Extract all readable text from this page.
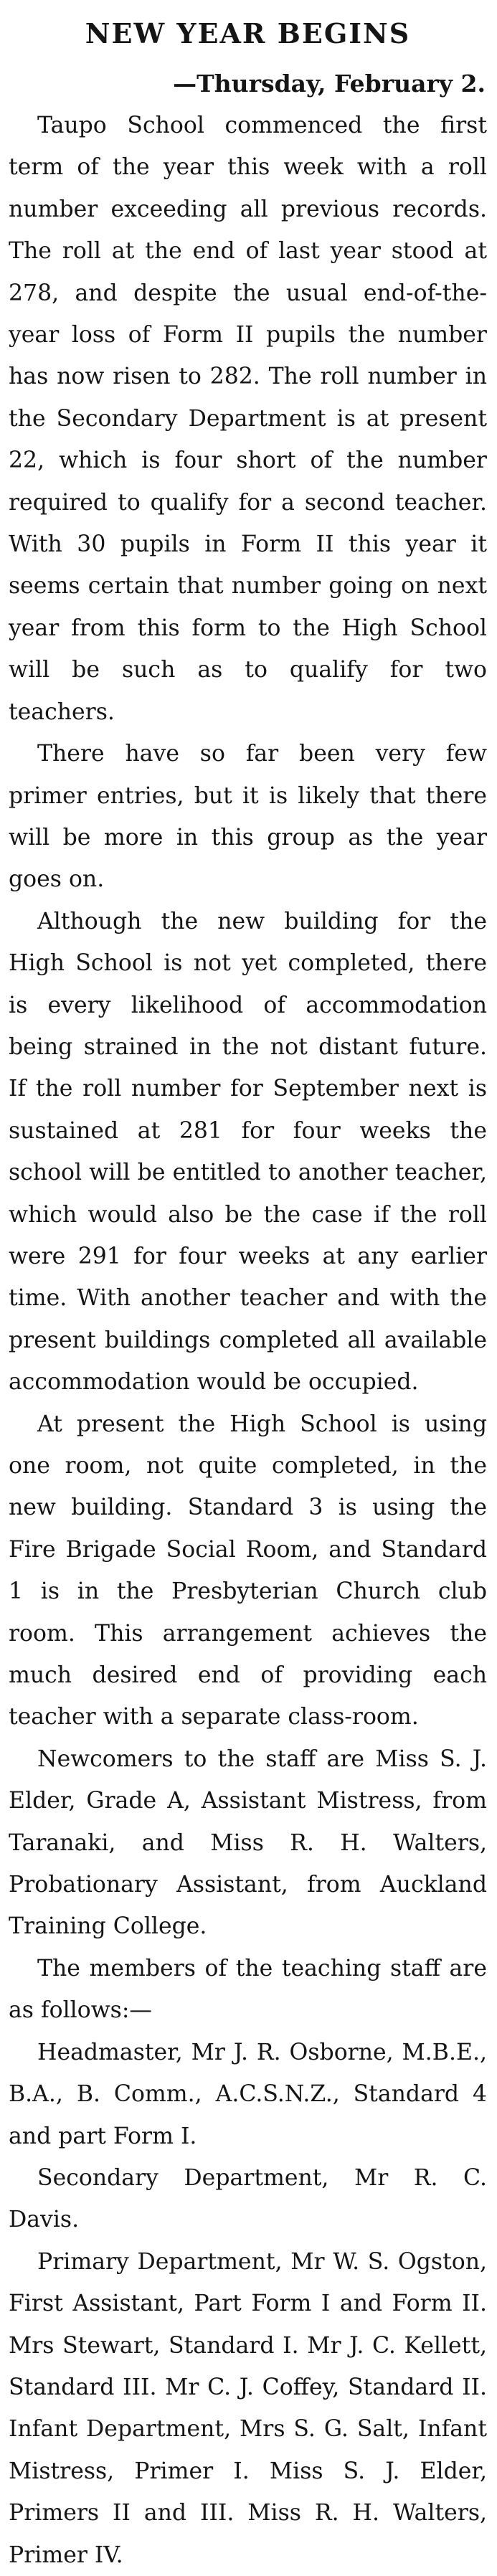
NEW YEAR BEGINS

—Thursday, February 2.

Taupo School commenced the first term of the year this week with a roll number exceeding all previous records. The roll at the end of last year stood at 278, and despite the usual end-of-the-year loss of Form II pupils the number has now risen to 282. The roll number in the Secondary Department is at present 22, which is four short of the number required to qualify for a second teacher. With 30 pupils in Form II this year it seems certain that number going on next year from this form to the High School will be such as to qualify for two teachers.

There have so far been very few primer entries, but it is likely that there will be more in this group as the year goes on.

Although the new building for the High School is not yet completed, there is every likelihood of accommodation being strained in the not distant future. If the roll number for September next is sustained at 281 for four weeks the school will be entitled to another teacher, which would also be the case if the roll were 291 for four weeks at any earlier time. With another teacher and with the present buildings completed all available accommodation would be occupied.

At present the High School is using one room, not quite completed, in the new building. Standard 3 is using the Fire Brigade Social Room, and Standard 1 is in the Presbyterian Church club room. This arrangement achieves the much desired end of providing each teacher with a separate class-room.

Newcomers to the staff are Miss S. J. Elder, Grade A, Assistant Mistress, from Taranaki, and Miss R. H. Walters, Probationary Assistant, from Auckland Training College.

The members of the teaching staff are as follows:—

Headmaster, Mr J. R. Osborne, M.B.E., B.A., B. Comm., A.C.S.N.Z., Standard 4 and part Form I.

Secondary Department, Mr R. C. Davis.

Primary Department, Mr W. S. Ogston, First Assistant, Part Form I and Form II. Mrs Stewart, Standard I. Mr J. C. Kellett, Standard III. Mr C. J. Coffey, Standard II. Infant Department, Mrs S. G. Salt, Infant Mistress, Primer I. Miss S. J. Elder, Primers II and III. Miss R. H. Walters, Primer IV.
